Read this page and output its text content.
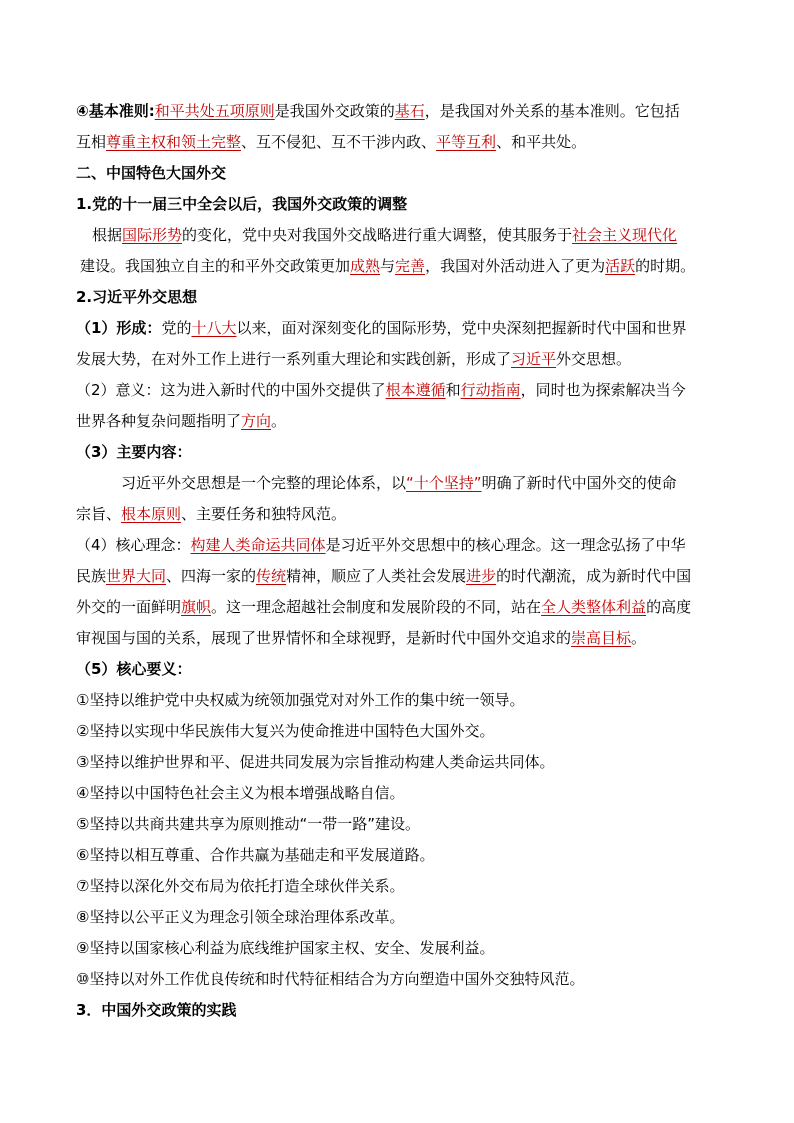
④基本准则:和平共处五项原则是我国外交政策的基石，是我国对外关系的基本准则。它包括
互相尊重主权和领土完整、互不侵犯、互不干涉内政、平等互利、和平共处。
二、中国特色大国外交
1.党的十一届三中全会以后，我国外交政策的调整
根据国际形势的变化，党中央对我国外交战略进行重大调整，使其服务于社会主义现代化
建设。我国独立自主的和平外交政策更加成熟与完善，我国对外活动进入了更为活跃的时期。
2.习近平外交思想
（1）形成：党的十八大以来，面对深刻变化的国际形势，党中央深刻把握新时代中国和世界
发展大势，在对外工作上进行一系列重大理论和实践创新，形成了习近平外交思想。
（2）意义：这为进入新时代的中国外交提供了根本遵循和行动指南，同时也为探索解决当今
世界各种复杂问题指明了方向。
（3）主要内容：
习近平外交思想是一个完整的理论体系，以“十个坚持”明确了新时代中国外交的使命
宗旨、根本原则、主要任务和独特风范。
（4）核心理念：构建人类命运共同体是习近平外交思想中的核心理念。这一理念弘扬了中华
民族世界大同、四海一家的传统精神，顺应了人类社会发展进步的时代潮流，成为新时代中国
外交的一面鲜明旗帜。这一理念超越社会制度和发展阶段的不同，站在全人类整体利益的高度
审视国与国的关系，展现了世界情怀和全球视野，是新时代中国外交追求的崇高目标。
（5）核心要义：
①坚持以维护党中央权威为统领加强党对对外工作的集中统一领导。
②坚持以实现中华民族伟大复兴为使命推进中国特色大国外交。
③坚持以维护世界和平、促进共同发展为宗旨推动构建人类命运共同体。
④坚持以中国特色社会主义为根本增强战略自信。
⑤坚持以共商共建共享为原则推动“一带一路”建设。
⑥坚持以相互尊重、合作共赢为基础走和平发展道路。
⑦坚持以深化外交布局为依托打造全球伙伴关系。
⑧坚持以公平正义为理念引领全球治理体系改革。
⑨坚持以国家核心利益为底线维护国家主权、安全、发展利益。
⑩坚持以对外工作优良传统和时代特征相结合为方向塑造中国外交独特风范。
3．中国外交政策的实践
